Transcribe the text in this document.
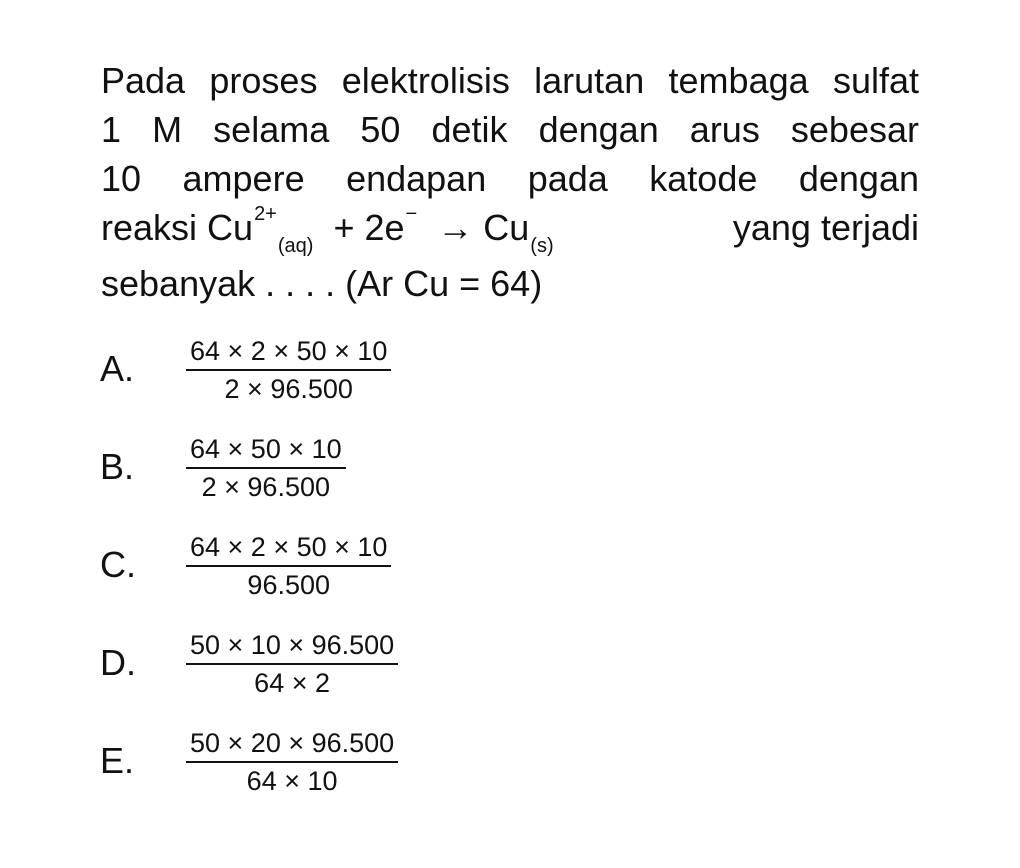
Pada proses elektrolisis larutan tembaga sulfat
1 M selama 50 detik dengan arus sebesar
10 ampere endapan pada katode dengan
reaksi $Cu^{2+}_{(aq)} + 2e^- \to Cu_{(s)}$	yang terjadi
sebanyak . . . . (Ar Cu = 64)
A. $\frac{64 \times 2 \times 50 \times 10}{2 \times 96.500}$
B. $\frac{64 \times 50 \times 10}{2 \times 96.500}$
C. $\frac{64 \times 2 \times 50 \times 10}{96.500}$
D. $\frac{50 \times 10 \times 96.500}{64 \times 2}$
E. $\frac{50 \times 20 \times 96.500}{64 \times 10}$
